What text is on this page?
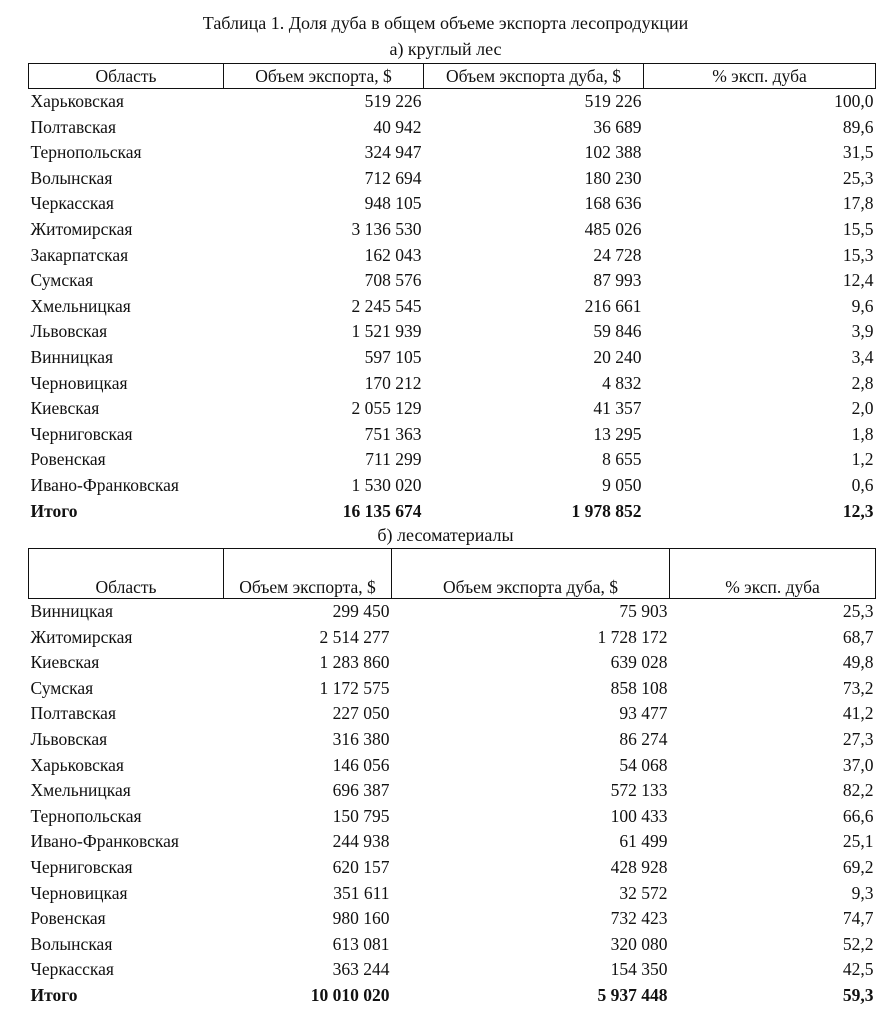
Таблица 1. Доля дуба в общем объеме экспорта лесопродукции
а) круглый лес
Область	Объем экспорта, $	Объем экспорта дуба, $	% эксп. дуба
Харьковская	519 226	519 226	100,0
Полтавская	40 942	36 689	89,6
Тернопольская	324 947	102 388	31,5
Волынская	712 694	180 230	25,3
Черкасская	948 105	168 636	17,8
Житомирская	3 136 530	485 026	15,5
Закарпатская	162 043	24 728	15,3
Сумская	708 576	87 993	12,4
Хмельницкая	2 245 545	216 661	9,6
Львовская	1 521 939	59 846	3,9
Винницкая	597 105	20 240	3,4
Черновицкая	170 212	4 832	2,8
Киевская	2 055 129	41 357	2,0
Черниговская	751 363	13 295	1,8
Ровенская	711 299	8 655	1,2
Ивано-Франковская	1 530 020	9 050	0,6
Итого	16 135 674	1 978 852	12,3
б) лесоматериалы
Область	Объем экспорта, $	Объем экспорта дуба, $	% эксп. дуба
Винницкая	299 450	75 903	25,3
Житомирская	2 514 277	1 728 172	68,7
Киевская	1 283 860	639 028	49,8
Сумская	1 172 575	858 108	73,2
Полтавская	227 050	93 477	41,2
Львовская	316 380	86 274	27,3
Харьковская	146 056	54 068	37,0
Хмельницкая	696 387	572 133	82,2
Тернопольская	150 795	100 433	66,6
Ивано-Франковская	244 938	61 499	25,1
Черниговская	620 157	428 928	69,2
Черновицкая	351 611	32 572	9,3
Ровенская	980 160	732 423	74,7
Волынская	613 081	320 080	52,2
Черкасская	363 244	154 350	42,5
Итого	10 010 020	5 937 448	59,3
